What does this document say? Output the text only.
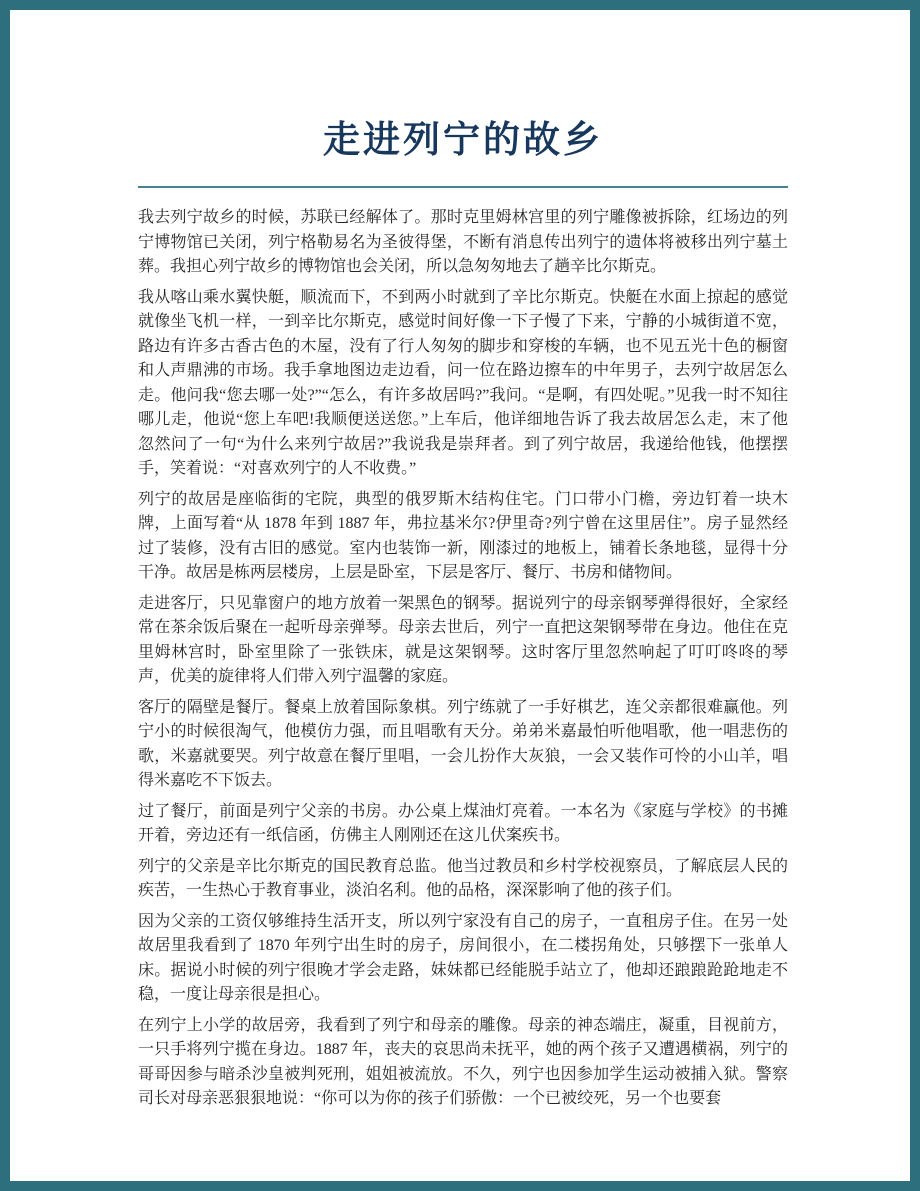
走进列宁的故乡

我去列宁故乡的时候，苏联已经解体了。那时克里姆林宫里的列宁雕像被拆除，红场边的列宁博物馆已关闭，列宁格勒易名为圣彼得堡，不断有消息传出列宁的遗体将被移出列宁墓土葬。我担心列宁故乡的博物馆也会关闭，所以急匆匆地去了趟辛比尔斯克。

我从喀山乘水翼快艇，顺流而下，不到两小时就到了辛比尔斯克。快艇在水面上掠起的感觉就像坐飞机一样，一到辛比尔斯克，感觉时间好像一下子慢了下来，宁静的小城街道不宽，路边有许多古香古色的木屋，没有了行人匆匆的脚步和穿梭的车辆，也不见五光十色的橱窗和人声鼎沸的市场。我手拿地图边走边看，问一位在路边擦车的中年男子，去列宁故居怎么走。他问我“您去哪一处?”“怎么，有许多故居吗?”我问。“是啊，有四处呢。”见我一时不知往哪儿走，他说“您上车吧!我顺便送送您。”上车后，他详细地告诉了我去故居怎么走，末了他忽然问了一句“为什么来列宁故居?”我说我是崇拜者。到了列宁故居，我递给他钱，他摆摆手，笑着说：“对喜欢列宁的人不收费。”

列宁的故居是座临街的宅院，典型的俄罗斯木结构住宅。门口带小门檐，旁边钉着一块木牌，上面写着“从 1878 年到 1887 年，弗拉基米尔?伊里奇?列宁曾在这里居住”。房子显然经过了装修，没有古旧的感觉。室内也装饰一新，刚漆过的地板上，铺着长条地毯，显得十分干净。故居是栋两层楼房，上层是卧室，下层是客厅、餐厅、书房和储物间。

走进客厅，只见靠窗户的地方放着一架黑色的钢琴。据说列宁的母亲钢琴弹得很好，全家经常在茶余饭后聚在一起听母亲弹琴。母亲去世后，列宁一直把这架钢琴带在身边。他住在克里姆林宫时，卧室里除了一张铁床，就是这架钢琴。这时客厅里忽然响起了叮叮咚咚的琴声，优美的旋律将人们带入列宁温馨的家庭。

客厅的隔壁是餐厅。餐桌上放着国际象棋。列宁练就了一手好棋艺，连父亲都很难赢他。列宁小的时候很淘气，他模仿力强，而且唱歌有天分。弟弟米嘉最怕听他唱歌，他一唱悲伤的歌，米嘉就要哭。列宁故意在餐厅里唱，一会儿扮作大灰狼，一会又装作可怜的小山羊，唱得米嘉吃不下饭去。

过了餐厅，前面是列宁父亲的书房。办公桌上煤油灯亮着。一本名为《家庭与学校》的书摊开着，旁边还有一纸信函，仿佛主人刚刚还在这儿伏案疾书。

列宁的父亲是辛比尔斯克的国民教育总监。他当过教员和乡村学校视察员，了解底层人民的疾苦，一生热心于教育事业，淡泊名利。他的品格，深深影响了他的孩子们。

因为父亲的工资仅够维持生活开支，所以列宁家没有自己的房子，一直租房子住。在另一处故居里我看到了 1870 年列宁出生时的房子，房间很小，在二楼拐角处，只够摆下一张单人床。据说小时候的列宁很晚才学会走路，妹妹都已经能脱手站立了，他却还踉踉跄跄地走不稳，一度让母亲很是担心。

在列宁上小学的故居旁，我看到了列宁和母亲的雕像。母亲的神态端庄，凝重，目视前方，一只手将列宁揽在身边。1887 年，丧夫的哀思尚未抚平，她的两个孩子又遭遇横祸，列宁的哥哥因参与暗杀沙皇被判死刑，姐姐被流放。不久，列宁也因参加学生运动被捕入狱。警察司长对母亲恶狠狠地说：“你可以为你的孩子们骄傲：一个已被绞死，另一个也要套
